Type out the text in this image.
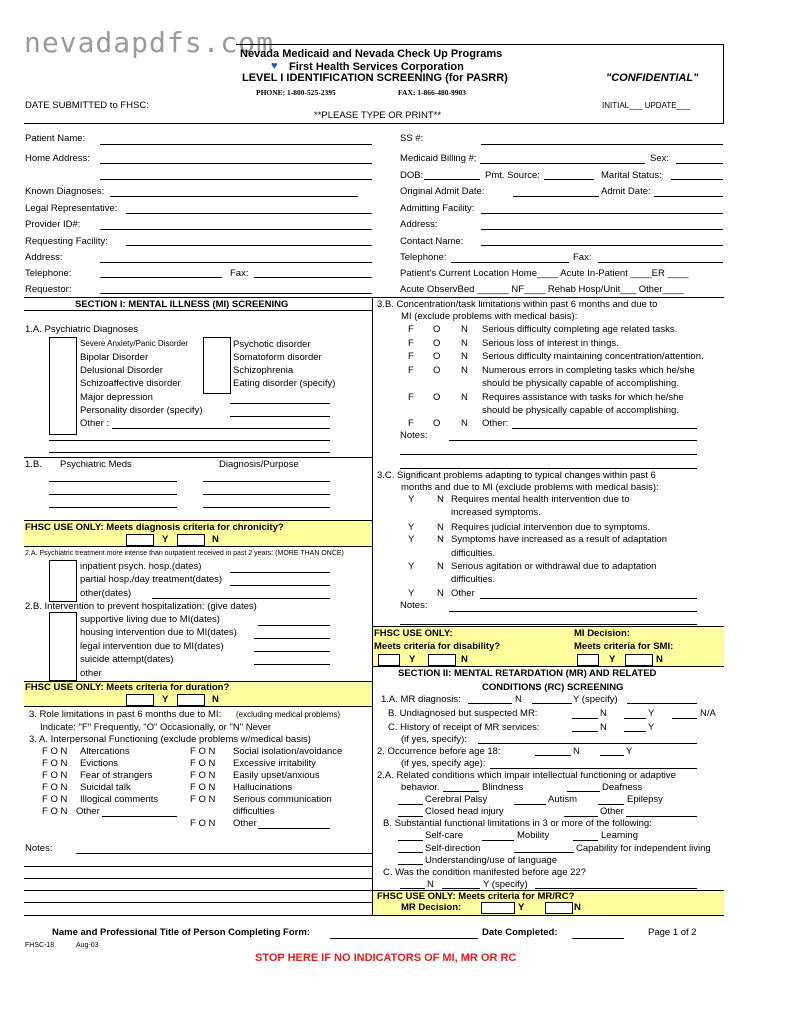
nevadapdfs.com
Nevada Medicaid and Nevada Check Up Programs
♥ First Health Services Corporation
LEVEL I IDENTIFICATION SCREENING (for PASRR)	"CONFIDENTIAL"
PHONE: 1-800-525-2395	FAX: 1-866-480-9903
DATE SUBMITTED to FHSC:	INITIAL___ UPDATE___
**PLEASE TYPE OR PRINT**
Patient Name:
Home Address:
Known Diagnoses:
Legal Representative:
Provider ID#:
Requesting Facility:
Address:
Telephone:	Fax:
Requestor:
SS #:
Medicaid Billing #:	Sex:
DOB:	Pmt. Source:	Marital Status:
Original Admit Date:	Admit Date:
Admitting Facility:
Address:
Contact Name:
Telephone:	Fax:
Patient's Current Location Home____ Acute In-Patient ____ER ____
Acute ObservBed ______ NF____ Rehab Hosp/Unit___ Other____
SECTION I: MENTAL ILLNESS (MI) SCREENING
1.A. Psychiatric Diagnoses
Severe Anxiety/Panic Disorder
Bipolar Disorder
Delusional Disorder
Schizoaffective disorder
Major depression
Personality disorder (specify)
Other :
Psychotic disorder
Somatoform disorder
Schizophrenia
Eating disorder (specify)
1.B. Psychiatric Meds	Diagnosis/Purpose
FHSC USE ONLY: Meets diagnosis criteria for chronicity?
Y	N
2.A. Psychiatric treatment more intense than outpatient received in past 2 years: (MORE THAN ONCE)
inpatient psych. hosp.(dates)
partial hosp./day treatment(dates)
other(dates)
2.B. Intervention to prevent hospitalization: (give dates)
supportive living due to MI(dates)
housing intervention due to MI(dates)
legal intervention due to MI(dates)
suicide attempt(dates)
other
FHSC USE ONLY: Meets criteria for duration?
Y	N
3. Role limitations in past 6 months due to MI: (excluding medical problems)
Indicate: "F" Frequently, "O" Occasionally, or "N" Never
3. A. Interpersonal Functioning (exclude problems w/medical basis)
F O N Altercations
F O N Evictions
F O N Fear of strangers
F O N Suicidal talk
F O N Illogical comments
F O N Other
F O N Social isolation/avoidance
F O N Excessive irritability
F O N Easily upset/anxious
F O N Hallucinations
F O N Serious communication
difficulties
F O N Other
Notes:
3.B. Concentration/task limitations within past 6 months and due to
MI (exclude problems with medical basis):
F O N Serious difficulty completing age related tasks.
F O N Serious loss of interest in things.
F O N Serious difficulty maintaining concentration/attention.
F O N Numerous errors in completing tasks which he/she
should be physically capable of accomplishing.
F O N Requires assistance with tasks for which he/she
should be physically capable of accomplishing.
F O N Other:
Notes:
3.C. Significant problems adapting to typical changes within past 6
months and due to MI (exclude problems with medical basis):
Y N Requires mental health intervention due to
increased symptoms.
Y N Requires judicial intervention due to symptoms.
Y N Symptoms have increased as a result of adaptation
difficulties.
Y N Serious agitation or withdrawal due to adaptation
difficulties.
Y N Other
Notes:
FHSC USE ONLY:	MI Decision:
Meets criteria for disability?	Meets criteria for SMI:
Y	N	Y	N
SECTION II: MENTAL RETARDATION (MR) AND RELATED
CONDITIONS (RC) SCREENING
1.A. MR diagnosis:	N	Y (specify)
B. Undiagnosed but suspected MR:	N	Y	N/A
C. History of receipt of MR services:	N	Y
(if yes, specify):
2. Occurrence before age 18:	N	Y
(if yes, specify age):
2.A. Related conditions which impair intellectual functioning or adaptive
behavior.	Blindness	Deafness
Cerebral Palsy	Autism	Epilepsy
Closed head injury	Other
B. Substantial functional limitations in 3 or more of the following:
Self-care	Mobility	Learning
Self-direction	Capability for independent living
Understanding/use of language
C. Was the condition manifested before age 22?
N	Y (specify)
FHSC USE ONLY: Meets criteria for MR/RC?
MR Decision:	Y	N
Name and Professional Title of Person Completing Form:	Date Completed:	Page 1 of 2
FHSC-18	Aug-03
STOP HERE IF NO INDICATORS OF MI, MR OR RC
